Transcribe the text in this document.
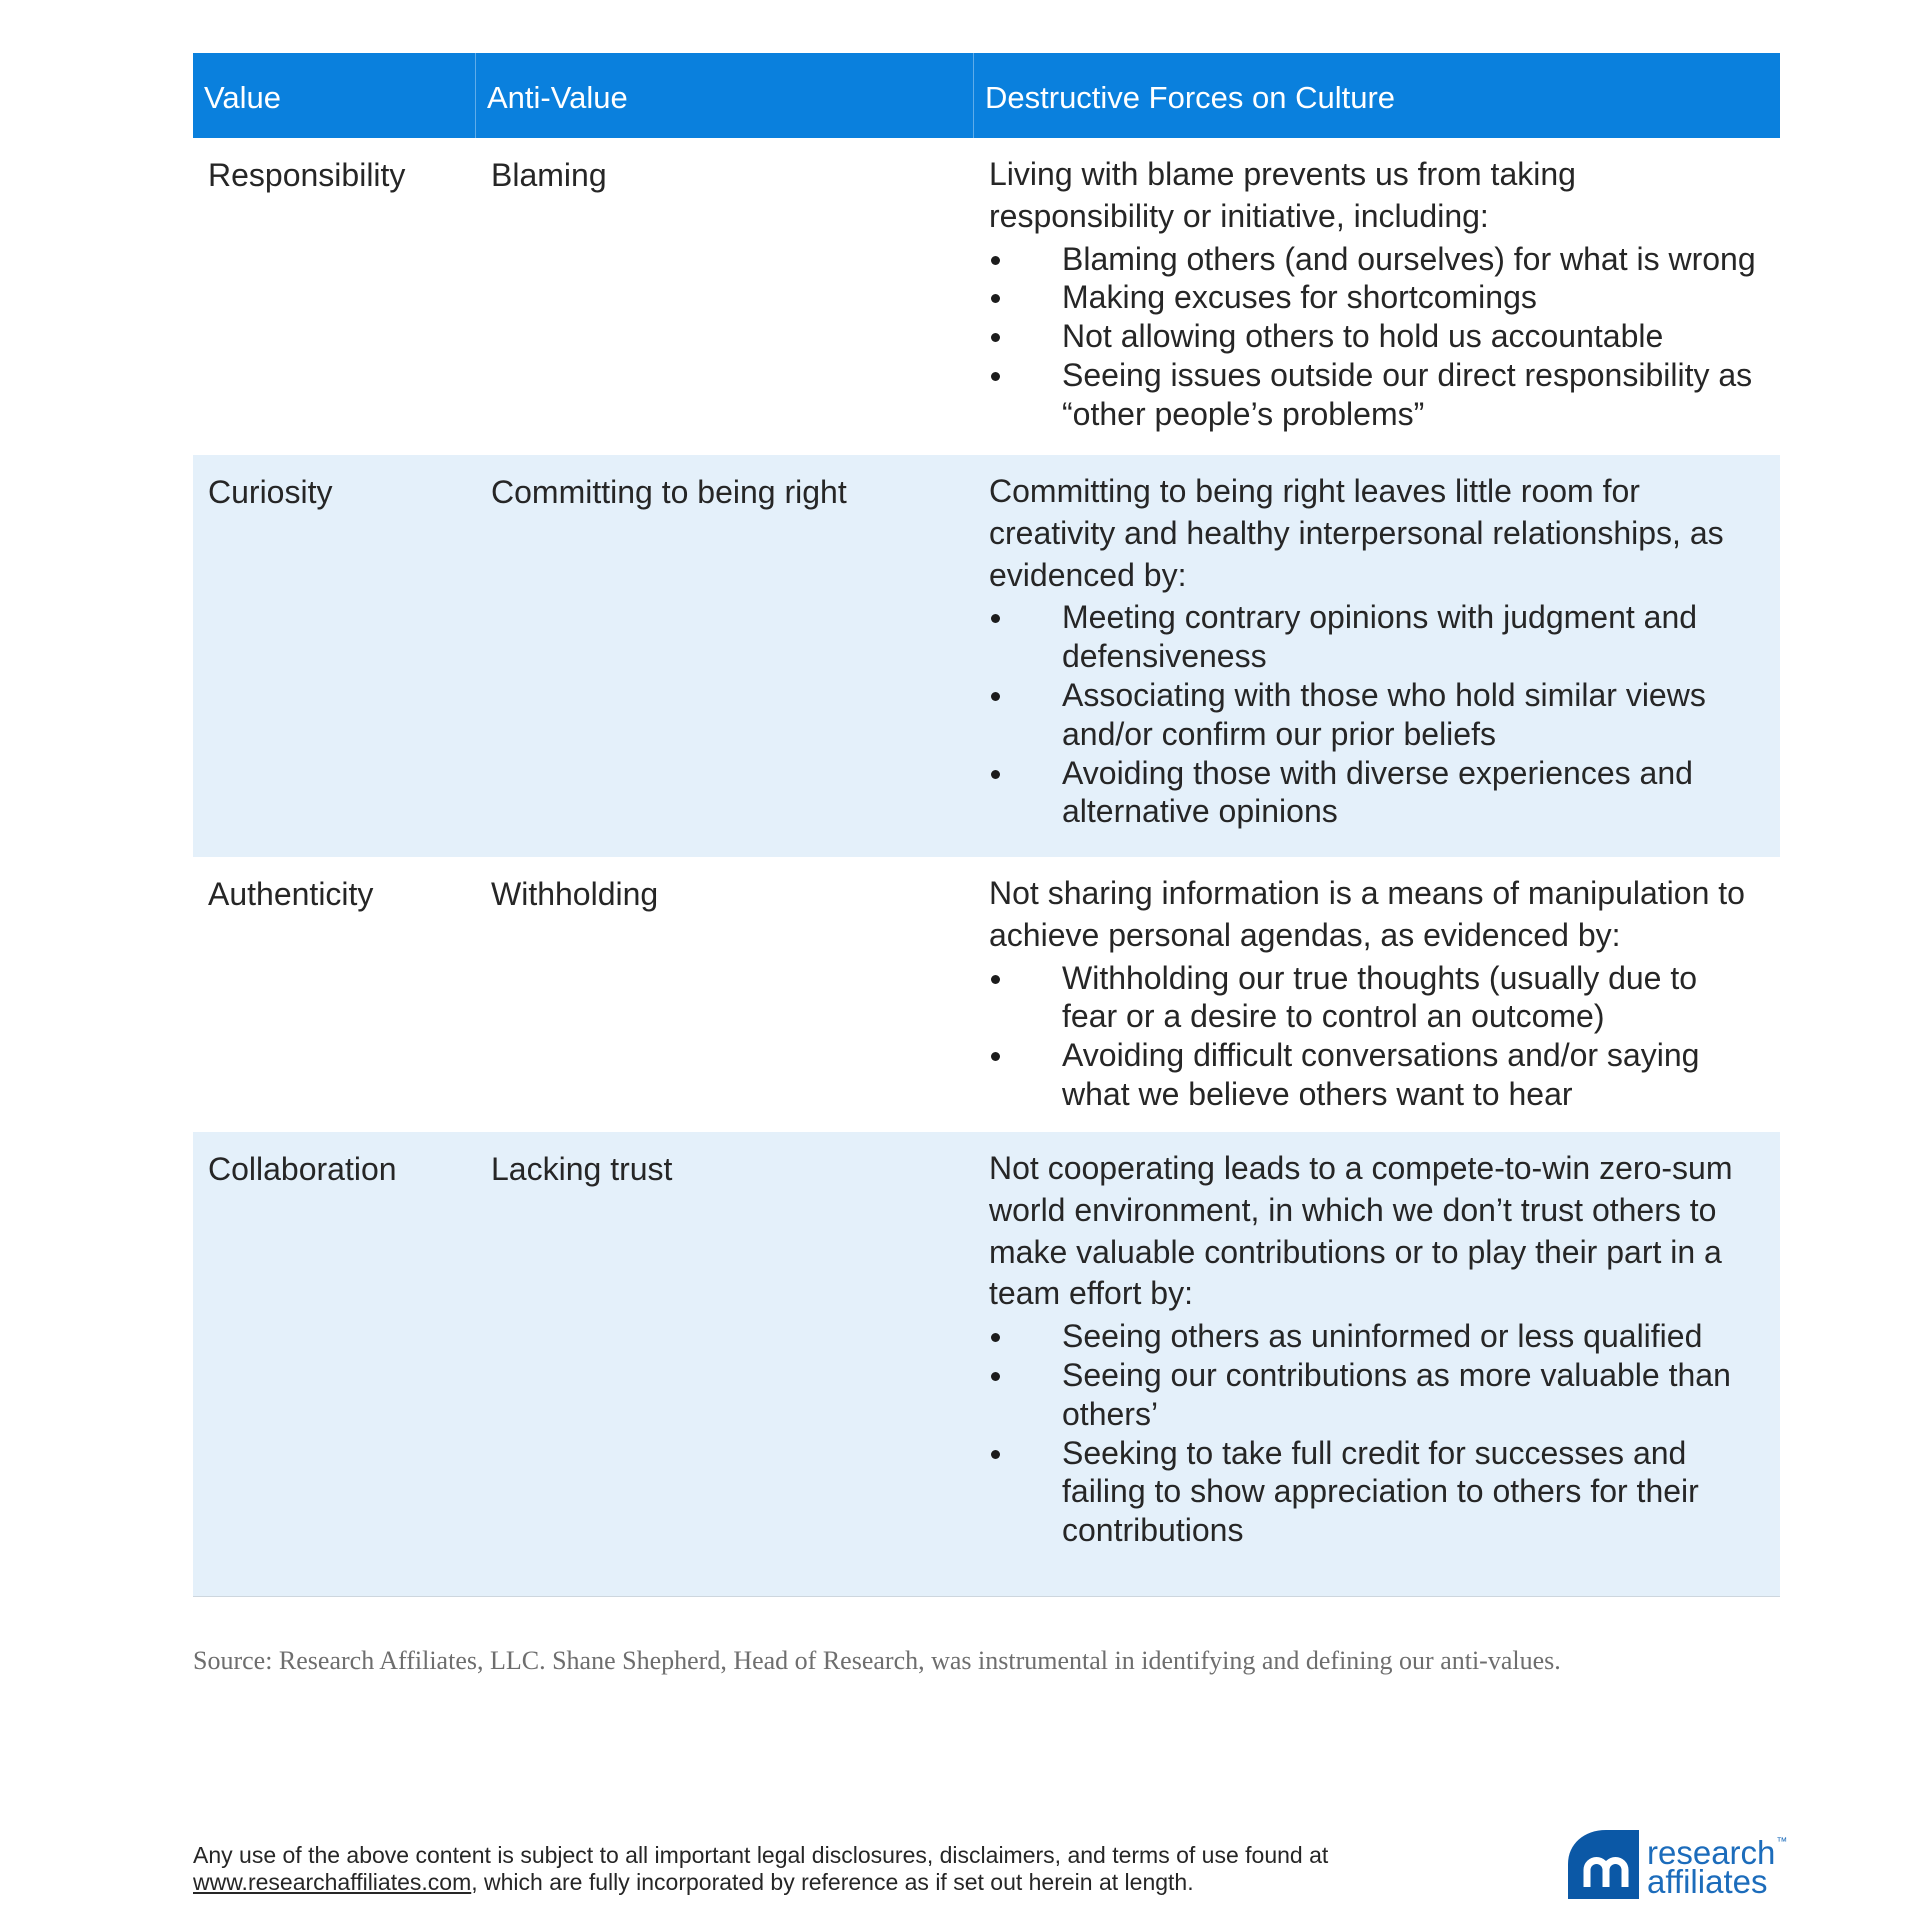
Value	Anti-Value	Destructive Forces on Culture
Responsibility	Blaming	Living with blame prevents us from taking
responsibility or initiative, including:
Blaming others (and ourselves) for what is wrong
Making excuses for shortcomings
Not allowing others to hold us accountable
Seeing issues outside our direct responsibility as
“other people’s problems”
Curiosity	Committing to being right	Committing to being right leaves little room for
creativity and healthy interpersonal relationships, as
evidenced by:
Meeting contrary opinions with judgment and
defensiveness
Associating with those who hold similar views
and/or confirm our prior beliefs
Avoiding those with diverse experiences and
alternative opinions
Authenticity	Withholding	Not sharing information is a means of manipulation to
achieve personal agendas, as evidenced by:
Withholding our true thoughts (usually due to
fear or a desire to control an outcome)
Avoiding difficult conversations and/or saying
what we believe others want to hear
Collaboration	Lacking trust	Not cooperating leads to a compete-to-win zero-sum
world environment, in which we don’t trust others to
make valuable contributions or to play their part in a
team effort by:
Seeing others as uninformed or less qualified
Seeing our contributions as more valuable than
others’
Seeking to take full credit for successes and
failing to show appreciation to others for their
contributions
Source: Research Affiliates, LLC. Shane Shepherd, Head of Research, was instrumental in identifying and defining our anti-values.
Any use of the above content is subject to all important legal disclosures, disclaimers, and terms of use found at
www.researchaffiliates.com, which are fully incorporated by reference as if set out herein at length.
research™
affiliates
